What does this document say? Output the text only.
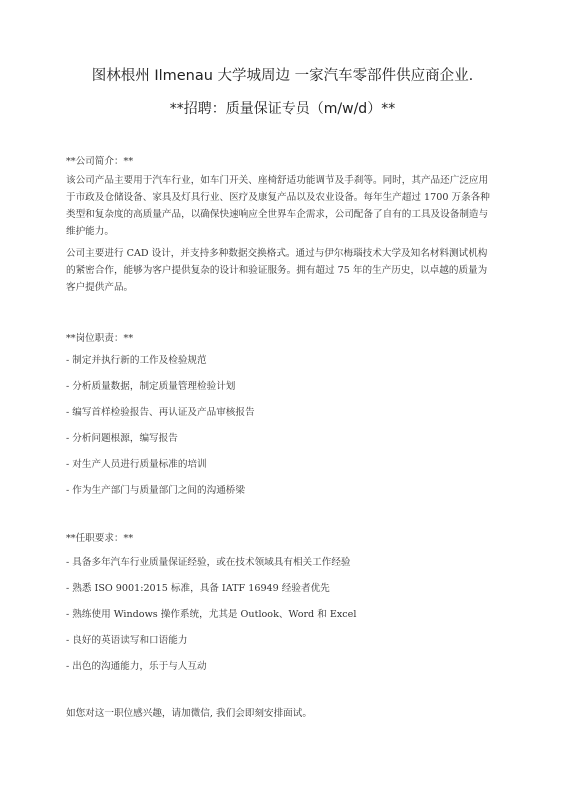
图林根州 Ilmenau 大学城周边 一家汽车零部件供应商企业.
**招聘：质量保证专员（m/w/d）**
**公司简介：**

该公司产品主要用于汽车行业，如车门开关、座椅舒适功能调节及手刹等。同时，其产品还广泛应用于市政及仓储设备、家具及灯具行业、医疗及康复产品以及农业设备。每年生产超过 1700 万条各种类型和复杂度的高质量产品，以确保快速响应全世界车企需求，公司配备了自有的工具及设备制造与维护能力。

公司主要进行 CAD 设计，并支持多种数据交换格式。通过与伊尔梅瑙技术大学及知名材料测试机构的紧密合作，能够为客户提供复杂的设计和验证服务。拥有超过 75 年的生产历史，以卓越的质量为客户提供产品。

**岗位职责：**
- 制定并执行新的工作及检验规范
- 分析质量数据，制定质量管理检验计划
- 编写首样检验报告、再认证及产品审核报告
- 分析问题根源，编写报告
- 对生产人员进行质量标准的培训
- 作为生产部门与质量部门之间的沟通桥梁
**任职要求：**
- 具备多年汽车行业质量保证经验，或在技术领域具有相关工作经验
- 熟悉 ISO 9001:2015 标准，具备 IATF 16949 经验者优先
- 熟练使用 Windows 操作系统，尤其是 Outlook、Word 和 Excel
- 良好的英语读写和口语能力
- 出色的沟通能力，乐于与人互动
如您对这一职位感兴趣，请加微信, 我们会即刻安排面试。
